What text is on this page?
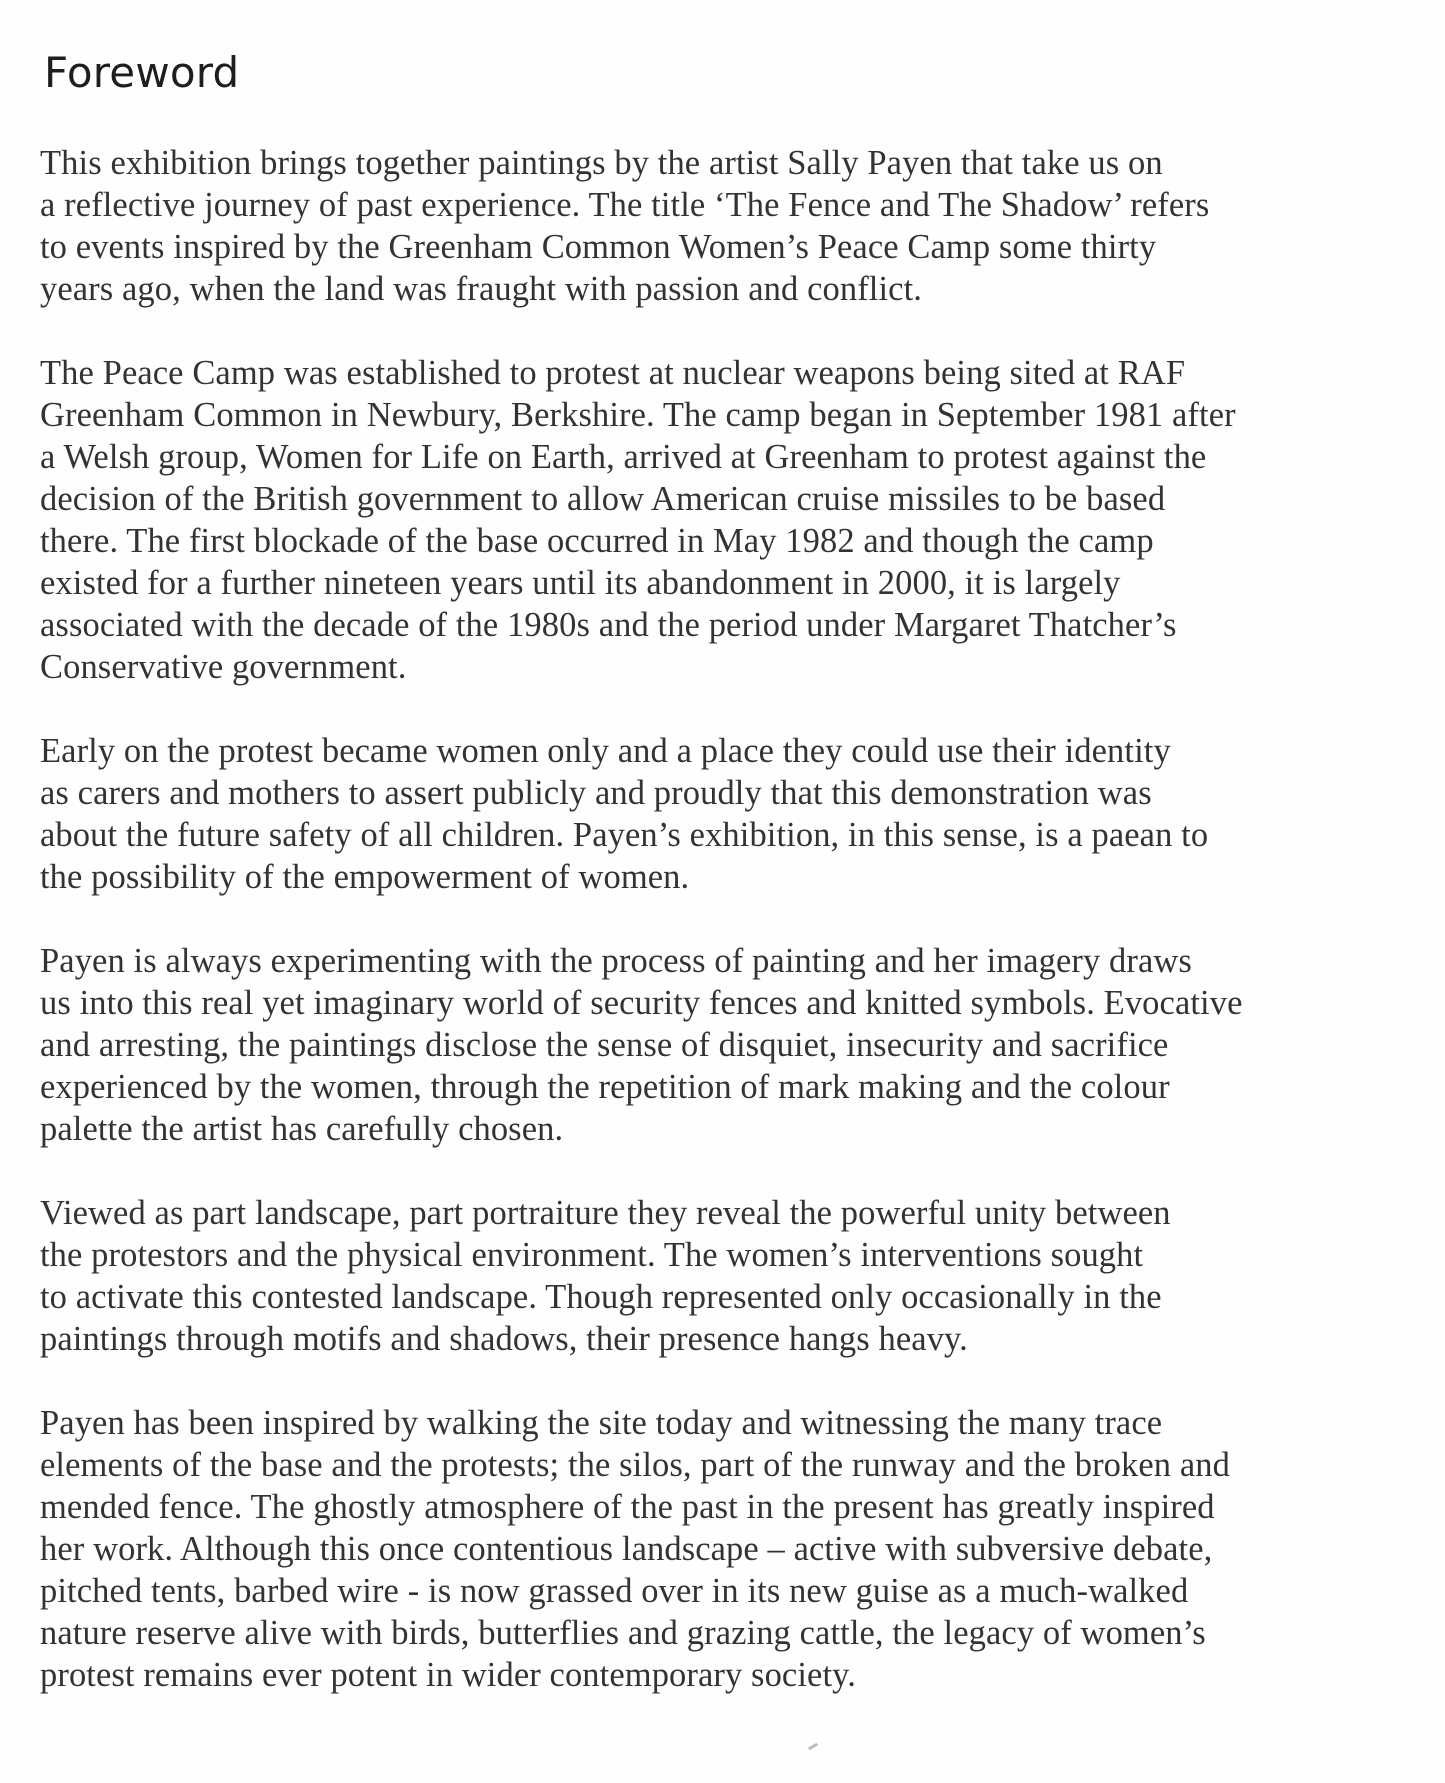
Foreword

This exhibition brings together paintings by the artist Sally Payen that take us on
a reflective journey of past experience. The title ‘The Fence and The Shadow’ refers
to events inspired by the Greenham Common Women’s Peace Camp some thirty
years ago, when the land was fraught with passion and conflict.

The Peace Camp was established to protest at nuclear weapons being sited at RAF
Greenham Common in Newbury, Berkshire. The camp began in September 1981 after
a Welsh group, Women for Life on Earth, arrived at Greenham to protest against the
decision of the British government to allow American cruise missiles to be based
there. The first blockade of the base occurred in May 1982 and though the camp
existed for a further nineteen years until its abandonment in 2000, it is largely
associated with the decade of the 1980s and the period under Margaret Thatcher’s
Conservative government.

Early on the protest became women only and a place they could use their identity
as carers and mothers to assert publicly and proudly that this demonstration was
about the future safety of all children. Payen’s exhibition, in this sense, is a paean to
the possibility of the empowerment of women.

Payen is always experimenting with the process of painting and her imagery draws
us into this real yet imaginary world of security fences and knitted symbols. Evocative
and arresting, the paintings disclose the sense of disquiet, insecurity and sacrifice
experienced by the women, through the repetition of mark making and the colour
palette the artist has carefully chosen.

Viewed as part landscape, part portraiture they reveal the powerful unity between
the protestors and the physical environment. The women’s interventions sought
to activate this contested landscape. Though represented only occasionally in the
paintings through motifs and shadows, their presence hangs heavy.

Payen has been inspired by walking the site today and witnessing the many trace
elements of the base and the protests; the silos, part of the runway and the broken and
mended fence. The ghostly atmosphere of the past in the present has greatly inspired
her work. Although this once contentious landscape – active with subversive debate,
pitched tents, barbed wire - is now grassed over in its new guise as a much-walked
nature reserve alive with birds, butterflies and grazing cattle, the legacy of women’s
protest remains ever potent in wider contemporary society.
